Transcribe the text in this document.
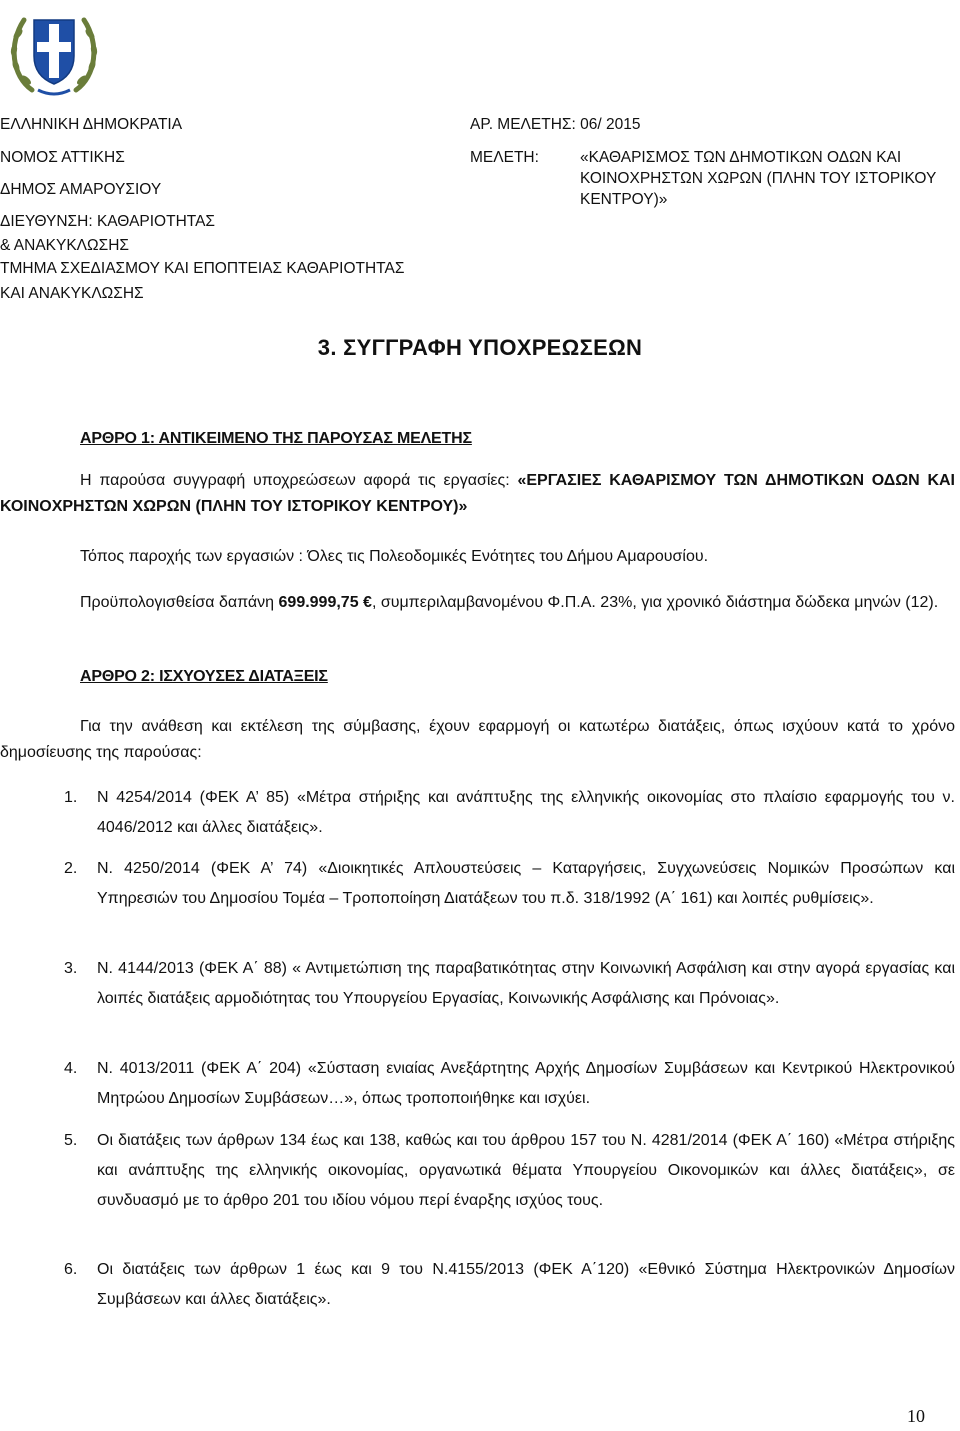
ΕΛΛΗΝΙΚΗ ΔΗΜΟΚΡΑΤΙΑ
ΝΟΜΟΣ ΑΤΤΙΚΗΣ
ΔΗΜΟΣ ΑΜΑΡΟΥΣΙΟΥ
ΔΙΕΥΘΥΝΣΗ: ΚΑΘΑΡΙΟΤΗΤΑΣ
& ΑΝΑΚΥΚΛΩΣΗΣ
ΤΜΗΜΑ ΣΧΕΔΙΑΣΜΟΥ ΚΑΙ ΕΠΟΠΤΕΙΑΣ ΚΑΘΑΡΙΟΤΗΤΑΣ
ΚΑΙ ΑΝΑΚΥΚΛΩΣΗΣ
ΑΡ. ΜΕΛΕΤΗΣ: 06/ 2015
ΜΕΛΕΤΗ:	«ΚΑΘΑΡΙΣΜΟΣ ΤΩΝ ΔΗΜΟΤΙΚΩΝ ΟΔΩΝ ΚΑΙ
ΚΟΙΝΟΧΡΗΣΤΩΝ ΧΩΡΩΝ (ΠΛΗΝ ΤΟΥ ΙΣΤΟΡΙΚΟΥ
ΚΕΝΤΡΟΥ)»
3. ΣΥΓΓΡΑΦΗ ΥΠΟΧΡΕΩΣΕΩΝ
ΑΡΘΡΟ 1: ΑΝΤΙΚΕΙΜΕΝΟ ΤΗΣ ΠΑΡΟΥΣΑΣ ΜΕΛΕΤΗΣ
Η παρούσα συγγραφή υποχρεώσεων αφορά τις εργασίες: «ΕΡΓΑΣΙΕΣ ΚΑΘΑΡΙΣΜΟΥ ΤΩΝ ΔΗΜΟΤΙΚΩΝ ΟΔΩΝ ΚΑΙ ΚΟΙΝΟΧΡΗΣΤΩΝ ΧΩΡΩΝ (ΠΛΗΝ ΤΟΥ ΙΣΤΟΡΙΚΟΥ ΚΕΝΤΡΟΥ)»
Τόπος παροχής των εργασιών : Όλες τις Πολεοδομικές Ενότητες του Δήμου Αμαρουσίου.
Προϋπολογισθείσα δαπάνη 699.999,75 €, συμπεριλαμβανομένου Φ.Π.Α. 23%, για χρονικό διάστημα δώδεκα μηνών (12).
ΑΡΘΡΟ 2: ΙΣΧΥΟΥΣΕΣ ΔΙΑΤΑΞΕΙΣ
Για την ανάθεση και εκτέλεση της σύμβασης, έχουν εφαρμογή οι κατωτέρω διατάξεις, όπως ισχύουν κατά το χρόνο δημοσίευσης της παρούσας:
1. Ν 4254/2014 (ΦΕΚ Α’ 85) «Μέτρα στήριξης και ανάπτυξης της ελληνικής οικονομίας στο πλαίσιο εφαρμογής του ν. 4046/2012 και άλλες διατάξεις».
2. Ν. 4250/2014 (ΦΕΚ Α’ 74) «Διοικητικές Απλουστεύσεις – Καταργήσεις, Συγχωνεύσεις Νομικών Προσώπων και Υπηρεσιών του Δημοσίου Τομέα – Τροποποίηση Διατάξεων του π.δ. 318/1992 (Α΄ 161) και λοιπές ρυθμίσεις».
3. Ν. 4144/2013 (ΦΕΚ Α΄ 88) « Αντιμετώπιση της παραβατικότητας στην Κοινωνική Ασφάλιση και στην αγορά εργασίας και λοιπές διατάξεις αρμοδιότητας του Υπουργείου Εργασίας, Κοινωνικής Ασφάλισης και Πρόνοιας».
4. Ν. 4013/2011 (ΦΕΚ Α΄ 204) «Σύσταση ενιαίας Ανεξάρτητης Αρχής Δημοσίων Συμβάσεων και Κεντρικού Ηλεκτρονικού Μητρώου Δημοσίων Συμβάσεων…», όπως τροποποιήθηκε και ισχύει.
5. Οι διατάξεις των άρθρων 134 έως και 138, καθώς και του άρθρου 157 του Ν. 4281/2014 (ΦΕΚ Α΄ 160) «Μέτρα στήριξης και ανάπτυξης της ελληνικής οικονομίας, οργανωτικά θέματα Υπουργείου Οικονομικών και άλλες διατάξεις», σε συνδυασμό με το άρθρο 201 του ιδίου νόμου περί έναρξης ισχύος τους.
6. Οι διατάξεις των άρθρων 1 έως και 9 του Ν.4155/2013 (ΦΕΚ Α΄120) «Εθνικό Σύστημα Ηλεκτρονικών Δημοσίων Συμβάσεων και άλλες διατάξεις».
10
